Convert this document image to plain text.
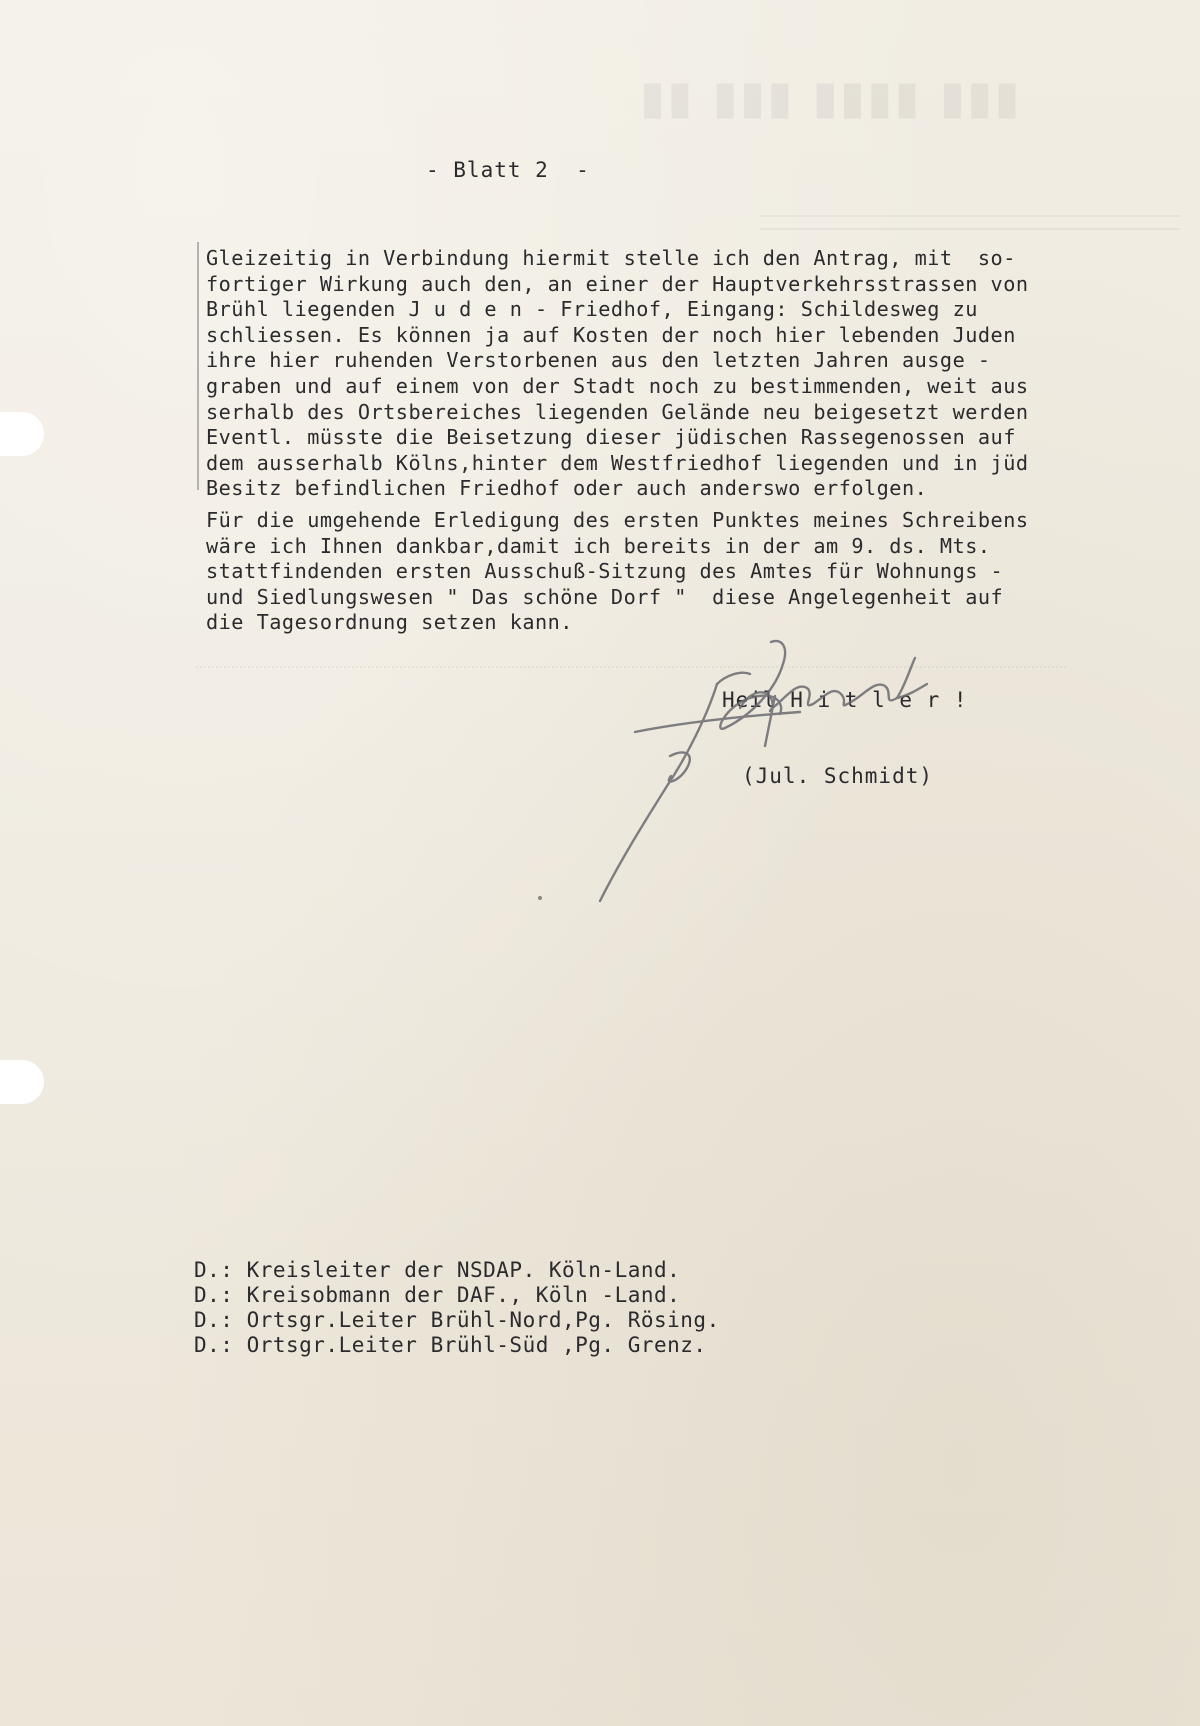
▮▮ ▮▮▮ ▮▮▮▮ ▮▮▮
- Blatt 2  -
Gleizeitig in Verbindung hiermit stelle ich den Antrag, mit  so-
fortiger Wirkung auch den, an einer der Hauptverkehrsstrassen von
Brühl liegenden J u d e n - Friedhof, Eingang: Schildesweg zu
schliessen. Es können ja auf Kosten der noch hier lebenden Juden
ihre hier ruhenden Verstorbenen aus den letzten Jahren ausge -
graben und auf einem von der Stadt noch zu bestimmenden, weit aus
serhalb des Ortsbereiches liegenden Gelände neu beigesetzt werden
Eventl. müsste die Beisetzung dieser jüdischen Rassegenossen auf
dem ausserhalb Kölns,hinter dem Westfriedhof liegenden und in jüd
Besitz befindlichen Friedhof oder auch anderswo erfolgen.
Für die umgehende Erledigung des ersten Punktes meines Schreibens
wäre ich Ihnen dankbar,damit ich bereits in der am 9. ds. Mts.
stattfindenden ersten Ausschuß-Sitzung des Amtes für Wohnungs -
und Siedlungswesen " Das schöne Dorf "  diese Angelegenheit auf
die Tagesordnung setzen kann.
Heil H i t l e r !
(Jul. Schmidt)
D.: Kreisleiter der NSDAP. Köln-Land.
D.: Kreisobmann der DAF., Köln -Land.
D.: Ortsgr.Leiter Brühl-Nord,Pg. Rösing.
D.: Ortsgr.Leiter Brühl-Süd ,Pg. Grenz.
